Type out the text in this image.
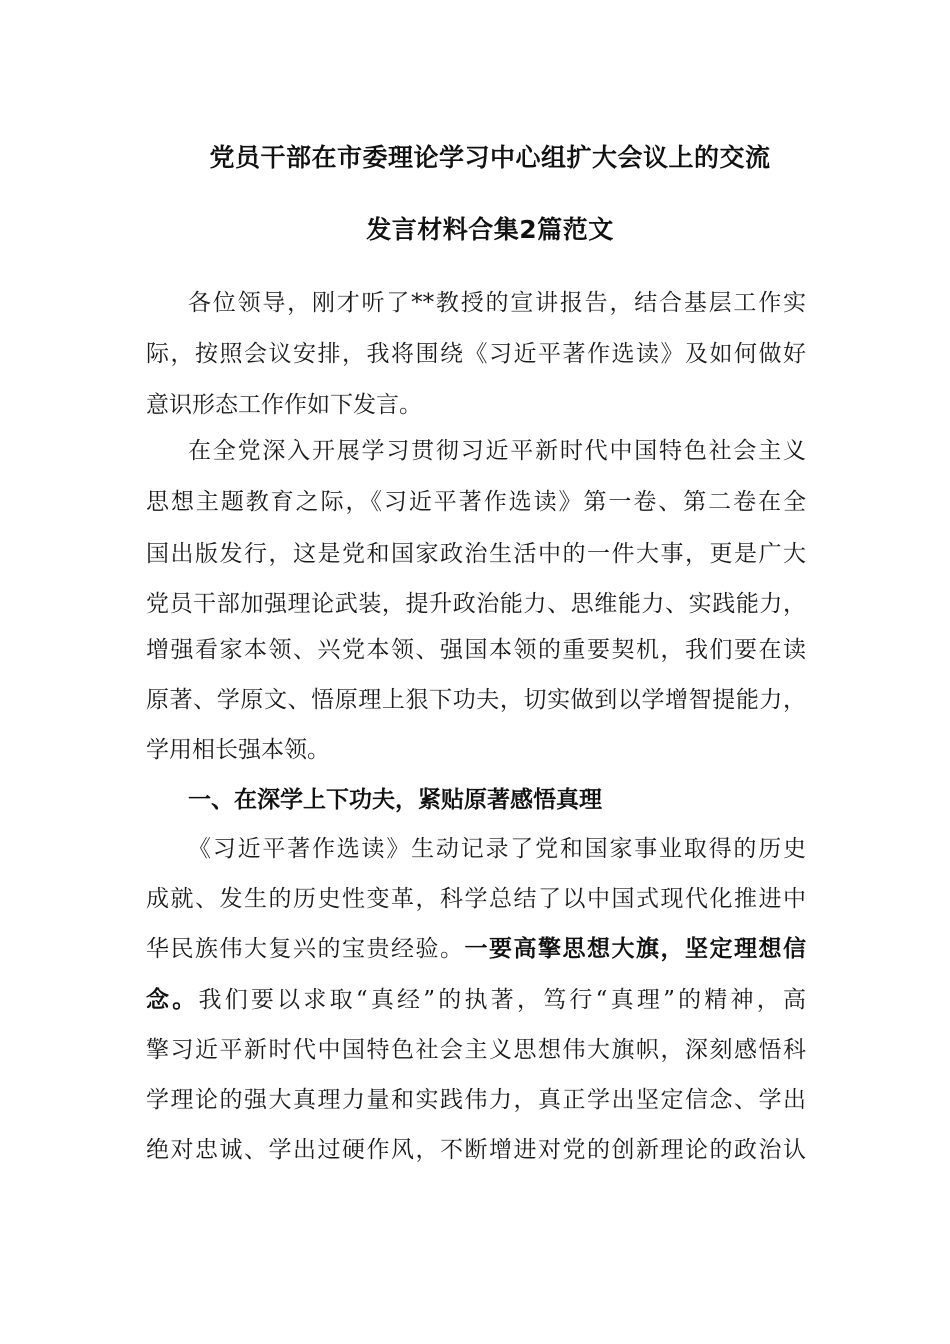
党员干部在市委理论学习中心组扩大会议上的交流
发言材料合集2篇范文
各位领导，刚才听了**教授的宣讲报告，结合基层工作实
际，按照会议安排，我将围绕《习近平著作选读》及如何做好
意识形态工作作如下发言。
在全党深入开展学习贯彻习近平新时代中国特色社会主义
思想主题教育之际，《习近平著作选读》第一卷、第二卷在全
国出版发行，这是党和国家政治生活中的一件大事，更是广大
党员干部加强理论武装，提升政治能力、思维能力、实践能力，
增强看家本领、兴党本领、强国本领的重要契机，我们要在读
原著、学原文、悟原理上狠下功夫，切实做到以学增智提能力，
学用相长强本领。
一、在深学上下功夫，紧贴原著感悟真理
《习近平著作选读》生动记录了党和国家事业取得的历史
成就、发生的历史性变革，科学总结了以中国式现代化推进中
华民族伟大复兴的宝贵经验。一要高擎思想大旗，坚定理想信
念。我们要以求取“真经”的执著，笃行“真理”的精神，高
擎习近平新时代中国特色社会主义思想伟大旗帜，深刻感悟科
学理论的强大真理力量和实践伟力，真正学出坚定信念、学出
绝对忠诚、学出过硬作风，不断增进对党的创新理论的政治认
